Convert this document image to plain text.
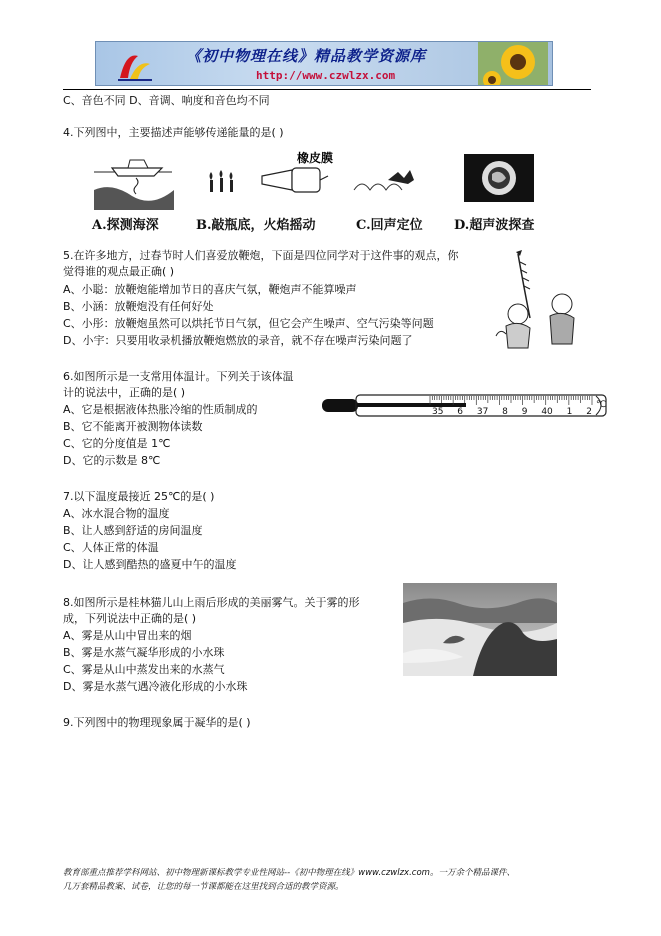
《初中物理在线》精品教学资源库
http://www.czwlzx.com
C、音色不同 D、音调、响度和音色均不同
4.下列图中，主要描述声能够传递能量的是( )
橡皮膜
A.探测海深	B.敲瓶底，火焰摇动	C.回声定位 D.超声波探查
5.在许多地方，过春节时人们喜爱放鞭炮，下面是四位同学对于这件事的观点，你
觉得谁的观点最正确( )
A、小聪：放鞭炮能增加节日的喜庆气氛，鞭炮声不能算噪声
B、小涵：放鞭炮没有任何好处
C、小彤：放鞭炮虽然可以烘托节日气氛，但它会产生噪声、空气污染等问题
D、小宇：只要用收录机播放鞭炮燃放的录音，就不存在噪声污染问题了
6.如图所示是一支常用体温计。下列关于该体温
计的说法中，正确的是( )
A、它是根据液体热胀冷缩的性质制成的
B、它不能离开被测物体读数
C、它的分度值是 1℃
D、它的示数是 8℃
35 6 37 8 9 40 1 2
℃
7.以下温度最接近 25℃的是( )
A、冰水混合物的温度
B、让人感到舒适的房间温度
C、人体正常的体温
D、让人感到酷热的盛夏中午的温度
8.如图所示是桂林猫儿山上雨后形成的美丽雾气。关于雾的形
成，下列说法中正确的是( )
A、雾是从山中冒出来的烟
B、雾是水蒸气凝华形成的小水珠
C、雾是从山中蒸发出来的水蒸气
D、雾是水蒸气遇冷液化形成的小水珠
9.下列图中的物理现象属于凝华的是( )
教育部重点推荐学科网站、初中物理新课标教学专业性网站--《初中物理在线》www.czwlzx.com。一万余个精品课件、
几万套精品教案、试卷，让您的每一节课都能在这里找到合适的教学资源。
